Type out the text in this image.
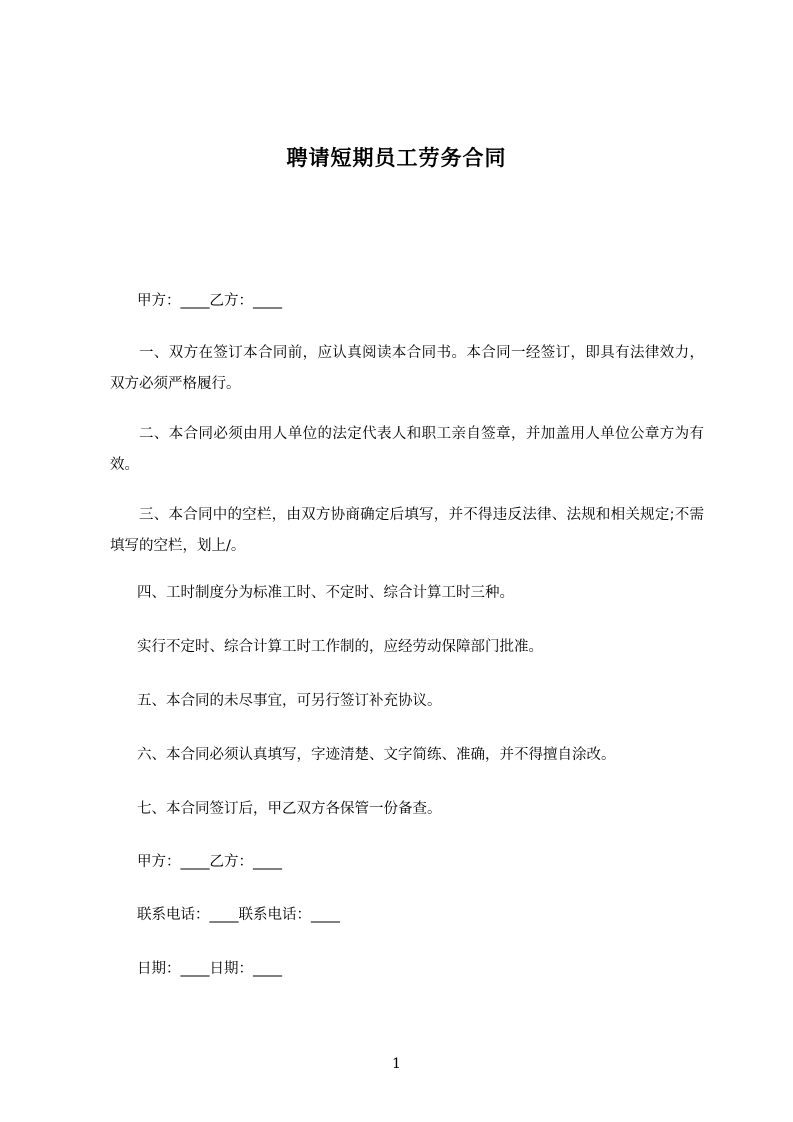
聘请短期员工劳务合同
甲方：____乙方：____
一、双方在签订本合同前，应认真阅读本合同书。本合同一经签订，即具有法律效力，双方必须严格履行。
二、本合同必须由用人单位的法定代表人和职工亲自签章，并加盖用人单位公章方为有效。
三、本合同中的空栏，由双方协商确定后填写，并不得违反法律、法规和相关规定;不需填写的空栏，划上/。
四、工时制度分为标准工时、不定时、综合计算工时三种。
实行不定时、综合计算工时工作制的，应经劳动保障部门批准。
五、本合同的未尽事宜，可另行签订补充协议。
六、本合同必须认真填写，字迹清楚、文字简练、准确，并不得擅自涂改。
七、本合同签订后，甲乙双方各保管一份备查。
甲方：____乙方：____
联系电话：____联系电话：____
日期：____日期：____
1
